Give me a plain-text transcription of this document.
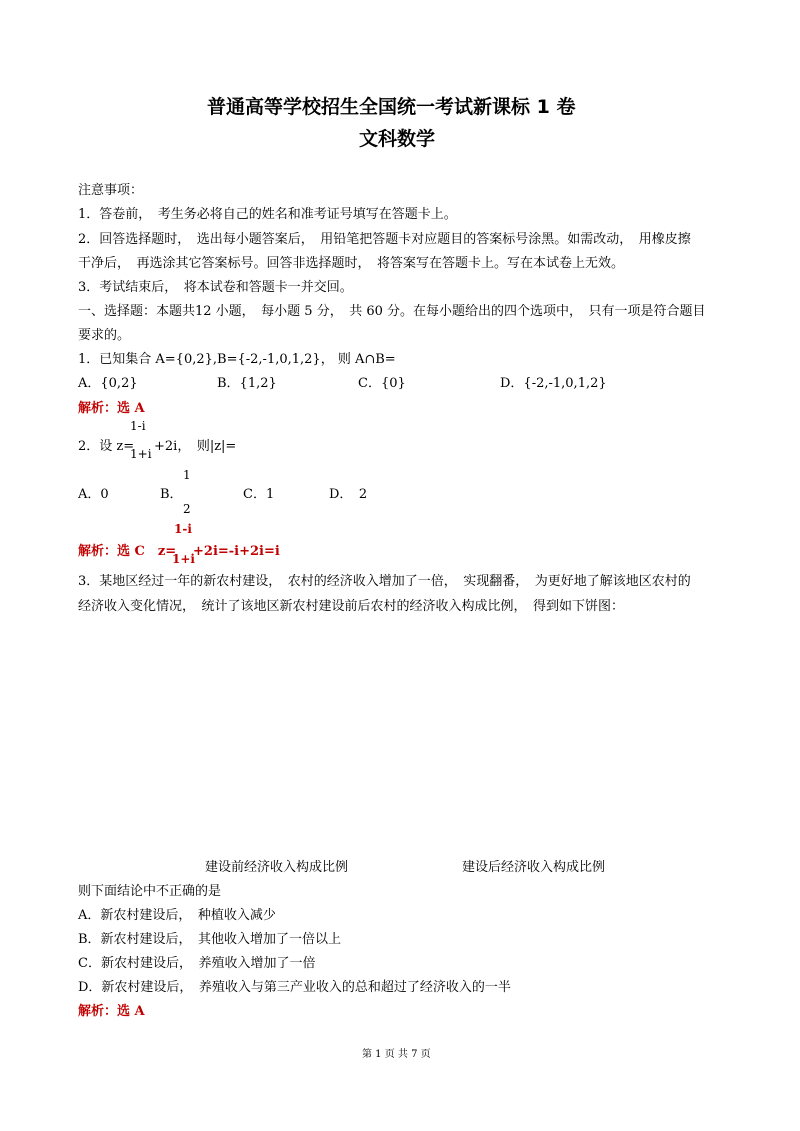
普通高等学校招生全国统一考试新课标 1 卷
文科数学
注意事项：
1．答卷前，　考生务必将自己的姓名和准考证号填写在答题卡上。
2．回答选择题时，　选出每小题答案后，　用铅笔把答题卡对应题目的答案标号涂黑。如需改动，　用橡皮擦
干净后，　再选涂其它答案标号。回答非选择题时，　将答案写在答题卡上。写在本试卷上无效。
3．考试结束后，　将本试卷和答题卡一并交回。
一、选择题：本题共12 小题，　每小题 5 分，　共 60 分。在每小题给出的四个选项中，　只有一项是符合题目
要求的。
1．已知集合 A={0,2},B={-2,-1,0,1,2}， 则 A∩B=
A．{0,2}	B．{1,2}	C．{0}	D．{-2,-1,0,1,2}
解析：选 A
1-i
2．设 z=
1+i +2i，　则|z|=
1
A．0	B．	C．1	D．　2
2
1-i
解析：选 C　z=
1+i
+2i=-i+2i=i
3．某地区经过一年的新农村建设，　农村的经济收入增加了一倍，　实现翻番，　为更好地了解该地区农村的
经济收入变化情况，　统计了该地区新农村建设前后农村的经济收入构成比例，　得到如下饼图：
建设前经济收入构成比例	建设后经济收入构成比例
则下面结论中不正确的是
A．新农村建设后，　种植收入减少
B．新农村建设后，　其他收入增加了一倍以上
C．新农村建设后，　养殖收入增加了一倍
D．新农村建设后，　养殖收入与第三产业收入的总和超过了经济收入的一半
解析：选 A
第 1 页 共 7 页
